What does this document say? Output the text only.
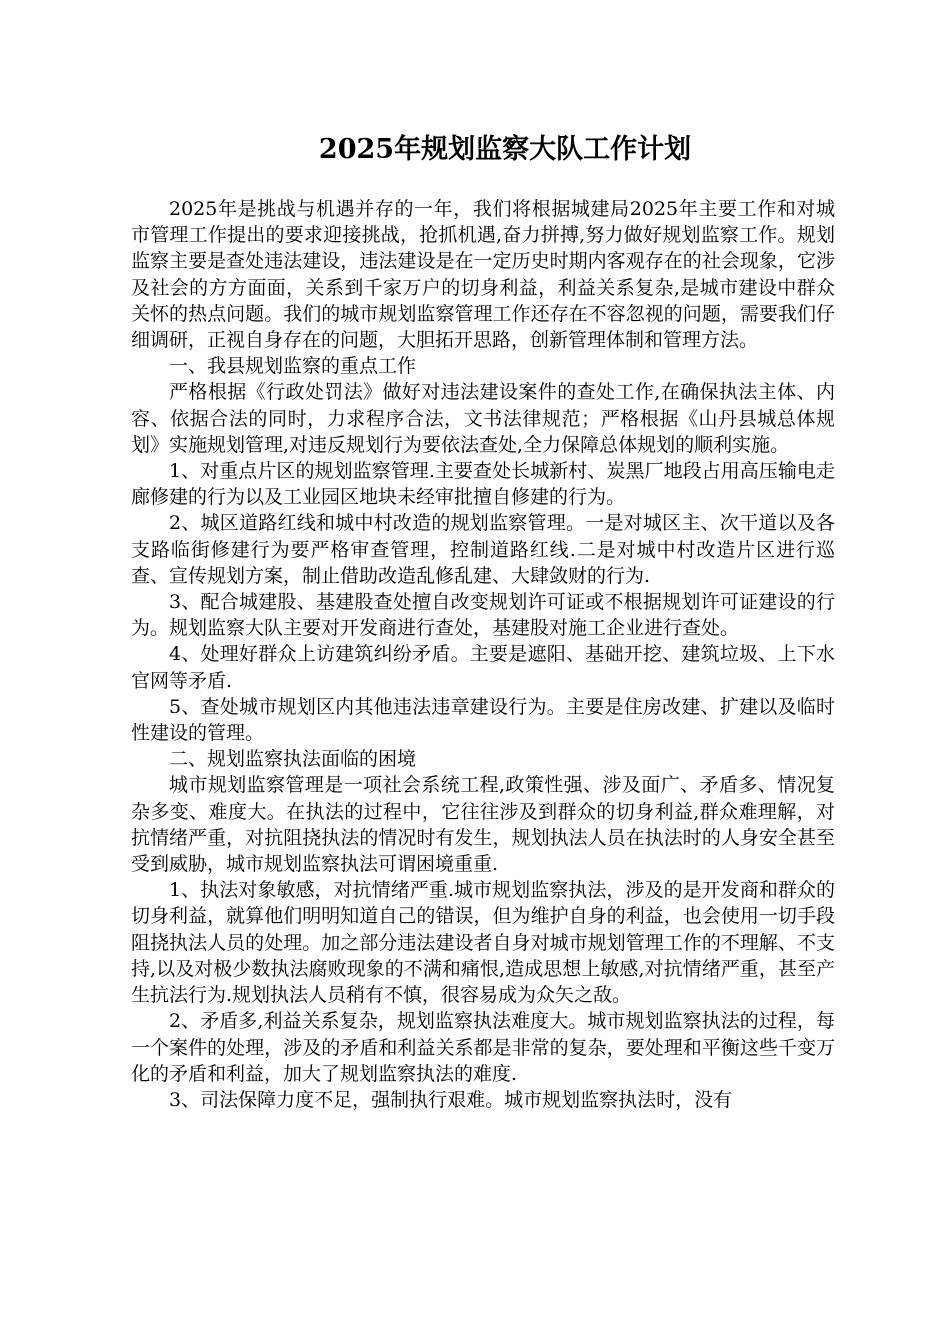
2025年规划监察大队工作计划

2025年是挑战与机遇并存的一年，我们将根据城建局2025年主要工作和对城市管理工作提出的要求迎接挑战，抢抓机遇,奋力拼搏,努力做好规划监察工作。规划监察主要是查处违法建设，违法建设是在一定历史时期内客观存在的社会现象，它涉及社会的方方面面，关系到千家万户的切身利益，利益关系复杂,是城市建设中群众关怀的热点问题。我们的城市规划监察管理工作还存在不容忽视的问题，需要我们仔细调研，正视自身存在的问题，大胆拓开思路，创新管理体制和管理方法。

一、我县规划监察的重点工作

严格根据《行政处罚法》做好对违法建设案件的查处工作,在确保执法主体、内容、依据合法的同时，力求程序合法，文书法律规范；严格根据《山丹县城总体规划》实施规划管理,对违反规划行为要依法查处,全力保障总体规划的顺利实施。

1、对重点片区的规划监察管理.主要查处长城新村、炭黑厂地段占用高压输电走廊修建的行为以及工业园区地块未经审批擅自修建的行为。

2、城区道路红线和城中村改造的规划监察管理。一是对城区主、次干道以及各支路临街修建行为要严格审查管理，控制道路红线.二是对城中村改造片区进行巡查、宣传规划方案，制止借助改造乱修乱建、大肆敛财的行为.

3、配合城建股、基建股查处擅自改变规划许可证或不根据规划许可证建设的行为。规划监察大队主要对开发商进行查处，基建股对施工企业进行查处。

4、处理好群众上访建筑纠纷矛盾。主要是遮阳、基础开挖、建筑垃圾、上下水官网等矛盾.

5、查处城市规划区内其他违法违章建设行为。主要是住房改建、扩建以及临时性建设的管理。

二、规划监察执法面临的困境

城市规划监察管理是一项社会系统工程,政策性强、涉及面广、矛盾多、情况复杂多变、难度大。在执法的过程中，它往往涉及到群众的切身利益,群众难理解，对抗情绪严重，对抗阻挠执法的情况时有发生，规划执法人员在执法时的人身安全甚至受到威胁，城市规划监察执法可谓困境重重.

1、执法对象敏感，对抗情绪严重.城市规划监察执法，涉及的是开发商和群众的切身利益，就算他们明明知道自己的错误，但为维护自身的利益，也会使用一切手段阻挠执法人员的处理。加之部分违法建设者自身对城市规划管理工作的不理解、不支持,以及对极少数执法腐败现象的不满和痛恨,造成思想上敏感,对抗情绪严重，甚至产生抗法行为.规划执法人员稍有不慎，很容易成为众矢之敌。

2、矛盾多,利益关系复杂，规划监察执法难度大。城市规划监察执法的过程，每一个案件的处理，涉及的矛盾和利益关系都是非常的复杂，要处理和平衡这些千变万化的矛盾和利益，加大了规划监察执法的难度.

3、司法保障力度不足，强制执行艰难。城市规划监察执法时，没有
